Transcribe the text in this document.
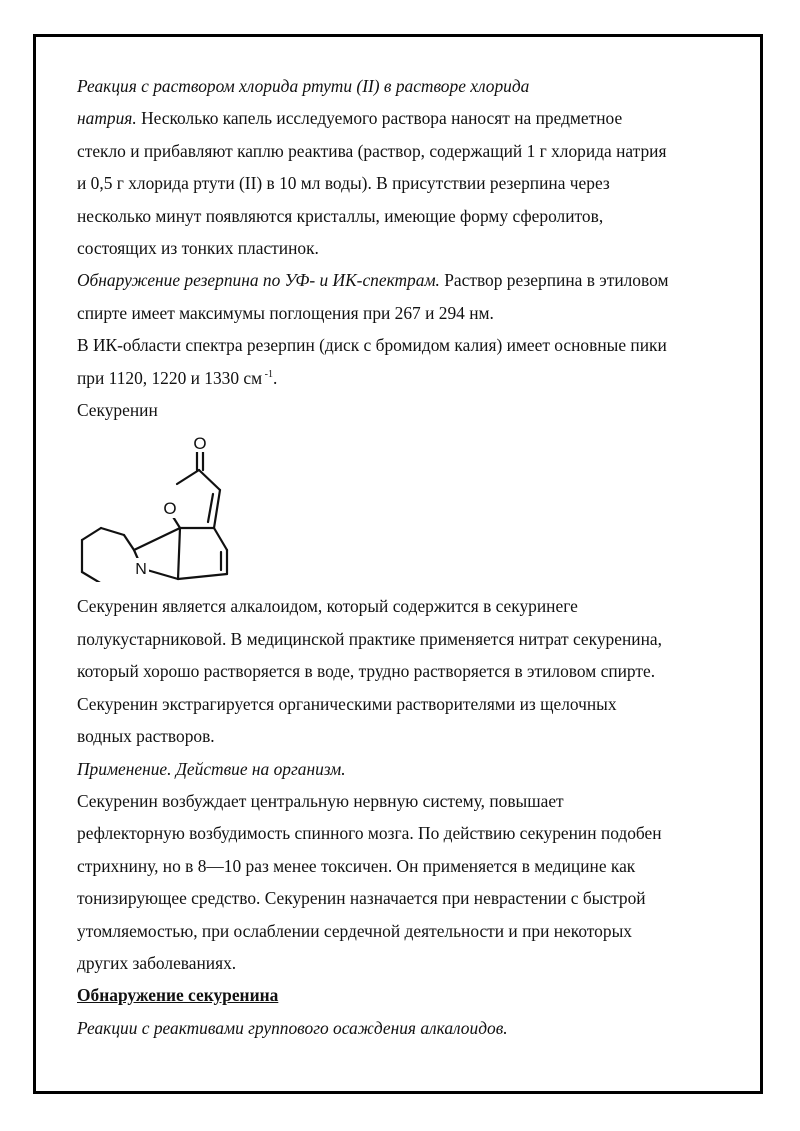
Реакция с раствором хлорида ртути (II) в растворе хлорида
натрия. Несколько капель исследуемого раствора наносят на предметное
стекло и прибавляют каплю реактива (раствор, содержащий 1 г хлорида натрия
и 0,5 г хлорида ртути (II) в 10 мл воды). В присутствии резерпина через
несколько минут появляются кристаллы, имеющие форму сферолитов,
состоящих из тонких пластинок.
Обнаружение резерпина по УФ- и ИК-спектрам. Раствор резерпина в этиловом
спирте имеет максимумы поглощения при 267 и 294 нм.
В ИК-области спектра резерпин (диск с бромидом калия) имеет основные пики
при 1120, 1220 и 1330 см $^{-1}$.
Секуренин
O
O
N
Секуренин является алкалоидом, который содержится в секуринеге
полукустарниковой. В медицинской практике применяется нитрат секуренина,
который хорошо растворяется в воде, трудно растворяется в этиловом спирте.
Секуренин экстрагируется органическими растворителями из щелочных
водных растворов.
Применение. Действие на организм.
Секуренин возбуждает центральную нервную систему, повышает
рефлекторную возбудимость спинного мозга. По действию секуренин подобен
стрихнину, но в 8—10 раз менее токсичен. Он применяется в медицине как
тонизирующее средство. Секуренин назначается при неврастении с быстрой
утомляемостью, при ослаблении сердечной деятельности и при некоторых
других заболеваниях.
Обнаружение секуренина
Реакции с реактивами группового осаждения алкалоидов.
